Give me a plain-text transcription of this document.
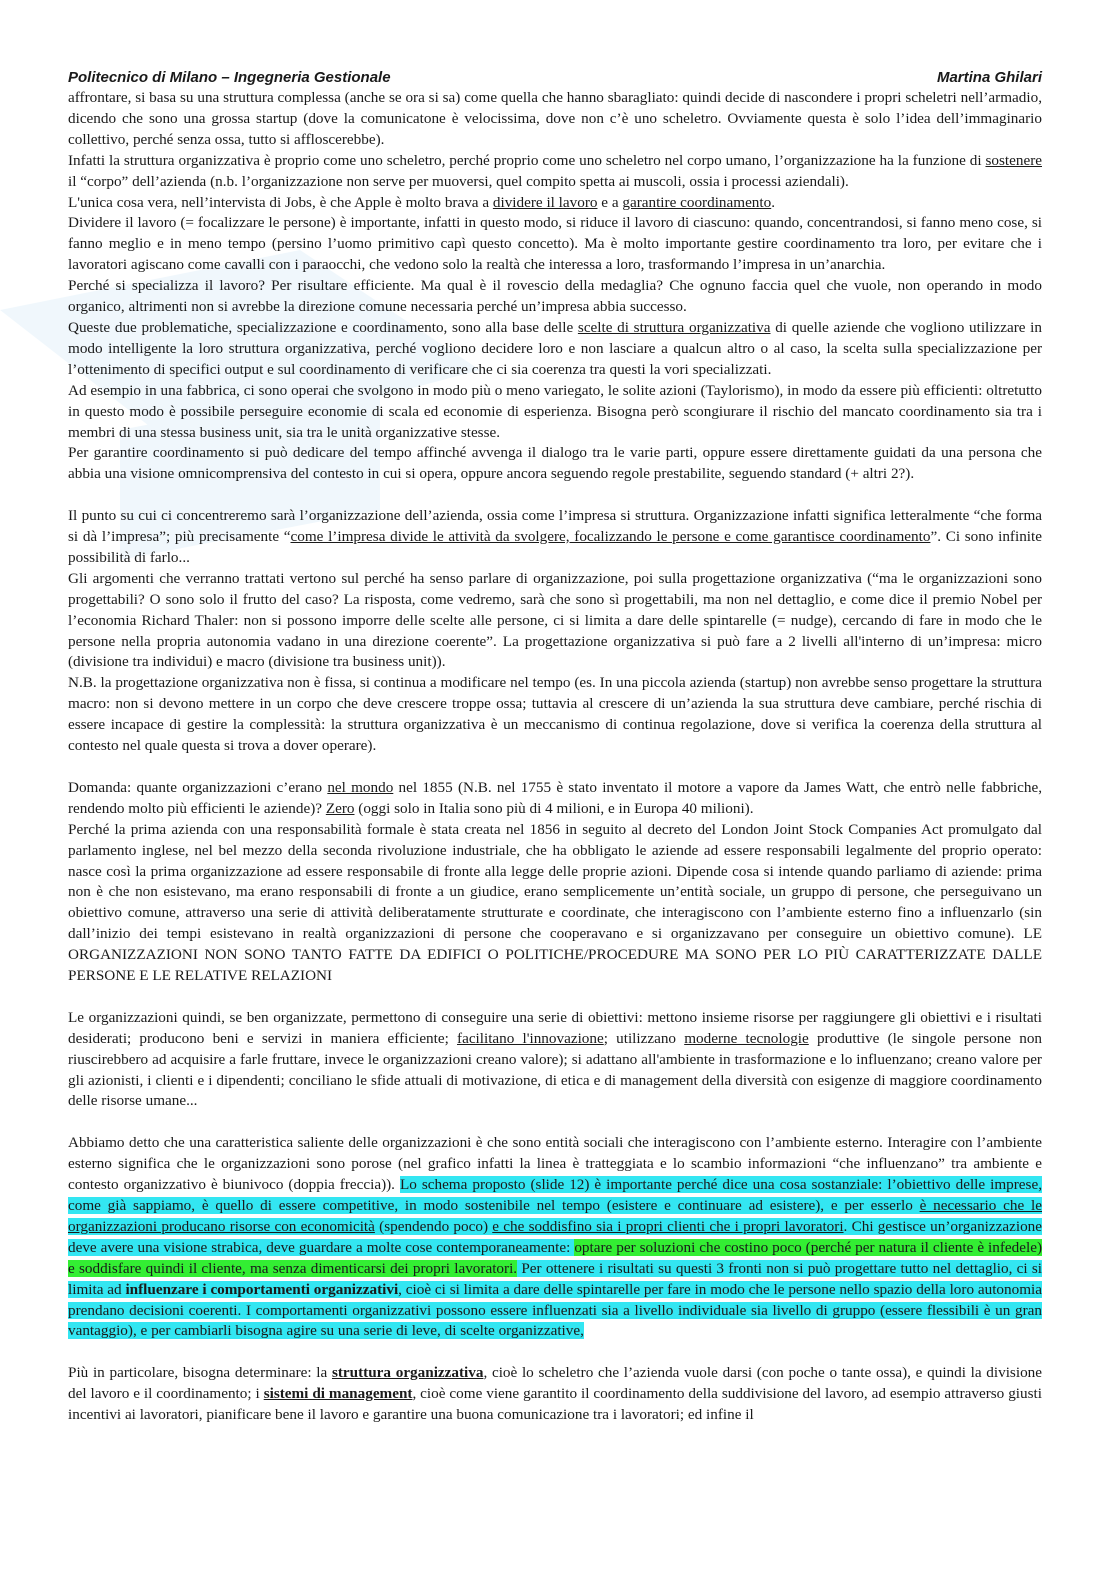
Politecnico di Milano – Ingegneria Gestionale	Martina Ghilari

affrontare, si basa su una struttura complessa (anche se ora si sa) come quella che hanno sbaragliato: quindi decide di nascondere i propri scheletri nell’armadio, dicendo che sono una grossa startup (dove la comunicatone è velocissima, dove non c’è uno scheletro. Ovviamente questa è solo l’idea dell’immaginario collettivo, perché senza ossa, tutto si affloscerebbe).

Infatti la struttura organizzativa è proprio come uno scheletro, perché proprio come uno scheletro nel corpo umano, l’organizzazione ha la funzione di sostenere il “corpo” dell’azienda (n.b. l’organizzazione non serve per muoversi, quel compito spetta ai muscoli, ossia i processi aziendali).

L'unica cosa vera, nell’intervista di Jobs, è che Apple è molto brava a dividere il lavoro e a garantire coordinamento.

Dividere il lavoro (= focalizzare le persone) è importante, infatti in questo modo, si riduce il lavoro di ciascuno: quando, concentrandosi, si fanno meno cose, si fanno meglio e in meno tempo (persino l’uomo primitivo capì questo concetto). Ma è molto importante gestire coordinamento tra loro, per evitare che i lavoratori agiscano come cavalli con i paraocchi, che vedono solo la realtà che interessa a loro, trasformando l’impresa in un’anarchia.

Perché si specializza il lavoro? Per risultare efficiente. Ma qual è il rovescio della medaglia? Che ognuno faccia quel che vuole, non operando in modo organico, altrimenti non si avrebbe la direzione comune necessaria perché un’impresa abbia successo.

Queste due problematiche, specializzazione e coordinamento, sono alla base delle scelte di struttura organizzativa di quelle aziende che vogliono utilizzare in modo intelligente la loro struttura organizzativa, perché vogliono decidere loro e non lasciare a qualcun altro o al caso, la scelta sulla specializzazione per l’ottenimento di specifici output e sul coordinamento di verificare che ci sia coerenza tra questi la vori specializzati.

Ad esempio in una fabbrica, ci sono operai che svolgono in modo più o meno variegato, le solite azioni (Taylorismo), in modo da essere più efficienti: oltretutto in questo modo è possibile perseguire economie di scala ed economie di esperienza. Bisogna però scongiurare il rischio del mancato coordinamento sia tra i membri di una stessa business unit, sia tra le unità organizzative stesse.

Per garantire coordinamento si può dedicare del tempo affinché avvenga il dialogo tra le varie parti, oppure essere direttamente guidati da una persona che abbia una visione omnicomprensiva del contesto in cui si opera, oppure ancora seguendo regole prestabilite, seguendo standard (+ altri 2?).

Il punto su cui ci concentreremo sarà l’organizzazione dell’azienda, ossia come l’impresa si struttura. Organizzazione infatti significa letteralmente “che forma si dà l’impresa”; più precisamente “come l’impresa divide le attività da svolgere, focalizzando le persone e come garantisce coordinamento”. Ci sono infinite possibilità di farlo...

Gli argomenti che verranno trattati vertono sul perché ha senso parlare di organizzazione, poi sulla progettazione organizzativa (“ma le organizzazioni sono progettabili? O sono solo il frutto del caso? La risposta, come vedremo, sarà che sono sì progettabili, ma non nel dettaglio, e come dice il premio Nobel per l’economia Richard Thaler: non si possono imporre delle scelte alle persone, ci si limita a dare delle spintarelle (= nudge), cercando di fare in modo che le persone nella propria autonomia vadano in una direzione coerente”. La progettazione organizzativa si può fare a 2 livelli all'interno di un’impresa: micro (divisione tra individui) e macro (divisione tra business unit)).

N.B. la progettazione organizzativa non è fissa, si continua a modificare nel tempo (es. In una piccola azienda (startup) non avrebbe senso progettare la struttura macro: non si devono mettere in un corpo che deve crescere troppe ossa; tuttavia al crescere di un’azienda la sua struttura deve cambiare, perché rischia di essere incapace di gestire la complessità: la struttura organizzativa è un meccanismo di continua regolazione, dove si verifica la coerenza della struttura al contesto nel quale questa si trova a dover operare).

Domanda: quante organizzazioni c’erano nel mondo nel 1855 (N.B. nel 1755 è stato inventato il motore a vapore da James Watt, che entrò nelle fabbriche, rendendo molto più efficienti le aziende)? Zero (oggi solo in Italia sono più di 4 milioni, e in Europa 40 milioni).

Perché la prima azienda con una responsabilità formale è stata creata nel 1856 in seguito al decreto del London Joint Stock Companies Act promulgato dal parlamento inglese, nel bel mezzo della seconda rivoluzione industriale, che ha obbligato le aziende ad essere responsabili legalmente del proprio operato: nasce così la prima organizzazione ad essere responsabile di fronte alla legge delle proprie azioni. Dipende cosa si intende quando parliamo di aziende: prima non è che non esistevano, ma erano responsabili di fronte a un giudice, erano semplicemente un’entità sociale, un gruppo di persone, che perseguivano un obiettivo comune, attraverso una serie di attività deliberatamente strutturate e coordinate, che interagiscono con l’ambiente esterno fino a influenzarlo (sin dall’inizio dei tempi esistevano in realtà organizzazioni di persone che cooperavano e si organizzavano per conseguire un obiettivo comune). LE ORGANIZZAZIONI NON SONO TANTO FATTE DA EDIFICI O POLITICHE/PROCEDURE MA SONO PER LO PIÙ CARATTERIZZATE DALLE PERSONE E LE RELATIVE RELAZIONI

Le organizzazioni quindi, se ben organizzate, permettono di conseguire una serie di obiettivi: mettono insieme risorse per raggiungere gli obiettivi e i risultati desiderati; producono beni e servizi in maniera efficiente; facilitano l'innovazione; utilizzano moderne tecnologie produttive (le singole persone non riuscirebbero ad acquisire a farle fruttare, invece le organizzazioni creano valore); si adattano all'ambiente in trasformazione e lo influenzano; creano valore per gli azionisti, i clienti e i dipendenti; conciliano le sfide attuali di motivazione, di etica e di management della diversità con esigenze di maggiore coordinamento delle risorse umane...

Abbiamo detto che una caratteristica saliente delle organizzazioni è che sono entità sociali che interagiscono con l’ambiente esterno. Interagire con l’ambiente esterno significa che le organizzazioni sono porose (nel grafico infatti la linea è tratteggiata e lo scambio informazioni “che influenzano” tra ambiente e contesto organizzativo è biunivoco (doppia freccia)). Lo schema proposto (slide 12) è importante perché dice una cosa sostanziale: l’obiettivo delle imprese, come già sappiamo, è quello di essere competitive, in modo sostenibile nel tempo (esistere e continuare ad esistere), e per esserlo è necessario che le organizzazioni producano risorse con economicità (spendendo poco) e che soddisfino sia i propri clienti che i propri lavoratori. Chi gestisce un’organizzazione deve avere una visione strabica, deve guardare a molte cose contemporaneamente: optare per soluzioni che costino poco (perché per natura il cliente è infedele) e soddisfare quindi il cliente, ma senza dimenticarsi dei propri lavoratori. Per ottenere i risultati su questi 3 fronti non si può progettare tutto nel dettaglio, ci si limita ad influenzare i comportamenti organizzativi, cioè ci si limita a dare delle spintarelle per fare in modo che le persone nello spazio della loro autonomia prendano decisioni coerenti. I comportamenti organizzativi possono essere influenzati sia a livello individuale sia livello di gruppo (essere flessibili è un gran vantaggio), e per cambiarli bisogna agire su una serie di leve, di scelte organizzative,

Più in particolare, bisogna determinare: la struttura organizzativa, cioè lo scheletro che l’azienda vuole darsi (con poche o tante ossa), e quindi la divisione del lavoro e il coordinamento; i sistemi di management, cioè come viene garantito il coordinamento della suddivisione del lavoro, ad esempio attraverso giusti incentivi ai lavoratori, pianificare bene il lavoro e garantire una buona comunicazione tra i lavoratori; ed infine il
